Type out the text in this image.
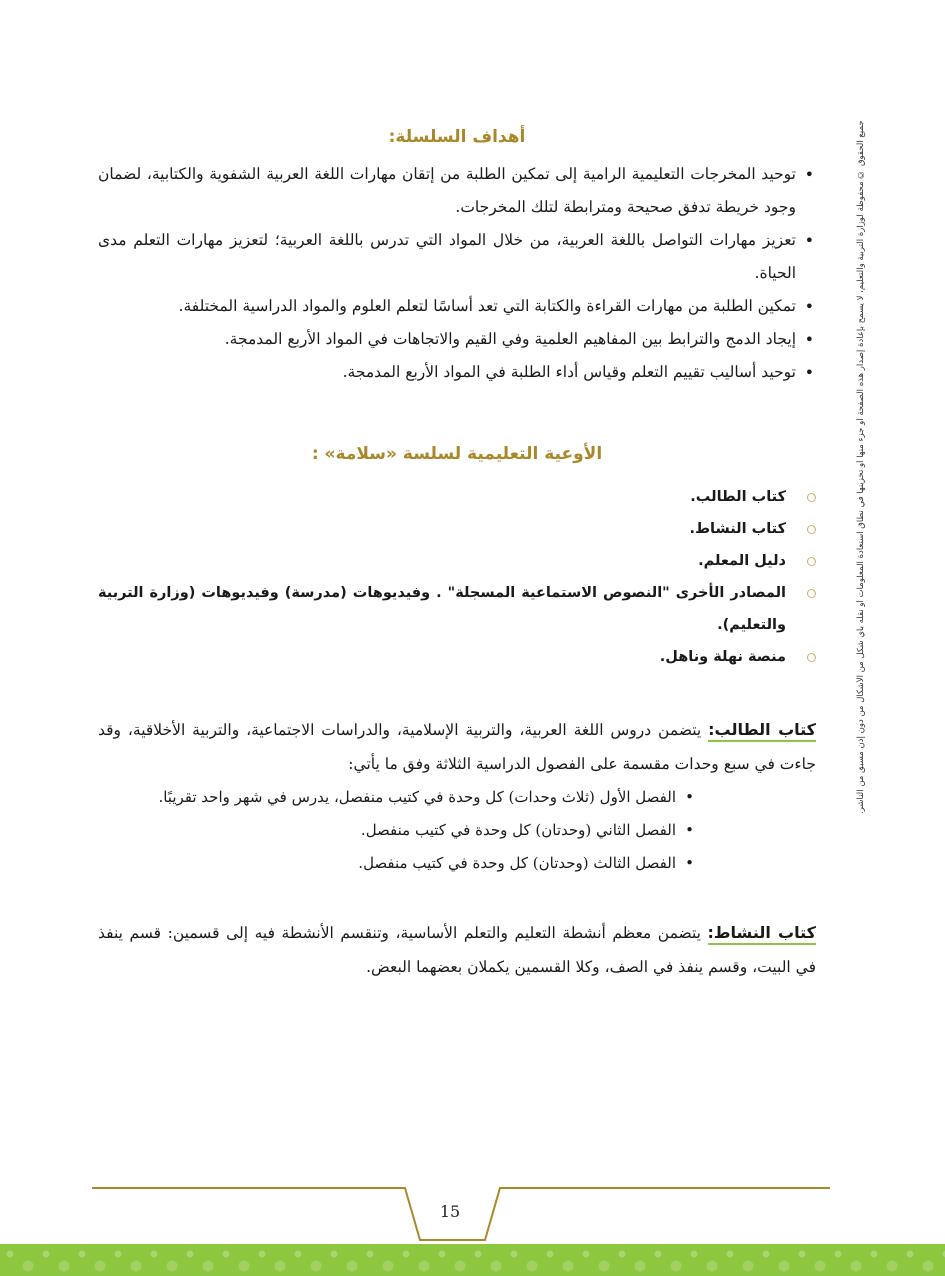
أهداف السلسلة:
• توحيد المخرجات التعليمية الرامية إلى تمكين الطلبة من إتقان مهارات اللغة العربية الشفوية والكتابية، لضمان وجود خريطة تدفق صحيحة ومترابطة لتلك المخرجات.
• تعزيز مهارات التواصل باللغة العربية، من خلال المواد التي تدرس باللغة العربية؛ لتعزيز مهارات التعلم مدى الحياة.
• تمكين الطلبة من مهارات القراءة والكتابة التي تعد أساسًا لتعلم العلوم والمواد الدراسية المختلفة.
• إيجاد الدمج والترابط بين المفاهيم العلمية وفي القيم والاتجاهات في المواد الأربع المدمجة.
• توحيد أساليب تقييم التعلم وقياس أداء الطلبة في المواد الأربع المدمجة.
الأوعية التعليمية لسلسة «سلامة» :
كتاب الطالب.
كتاب النشاط.
دليل المعلم.
المصادر الأخرى "النصوص الاستماعية المسجلة" . وفيديوهات (مدرسة) وفيديوهات (وزارة التربية والتعليم).
منصة نهلة وناهل.

كتاب الطالب: يتضمن دروس اللغة العربية، والتربية الإسلامية، والدراسات الاجتماعية، والتربية الأخلاقية، وقد جاءت في سبع وحدات مقسمة على الفصول الدراسية الثلاثة وفق ما يأتي:

• الفصل الأول (ثلاث وحدات) كل وحدة في كتيب منفصل، يدرس في شهر واحد تقريبًا.
• الفصل الثاني (وحدتان) كل وحدة في كتيب منفصل.
• الفصل الثالث (وحدتان) كل وحدة في كتيب منفصل.

كتاب النشاط: يتضمن معظم أنشطة التعليم والتعلم الأساسية، وتنقسم الأنشطة فيه إلى قسمين: قسم ينفذ في البيت، وقسم ينفذ في الصف، وكلا القسمين يكملان بعضهما البعض.

جميع الحقوق © محفوظة لوزارة التربية والتعليم، لا يسمح بإعادة إصدار هذه الصفحة أو جزء منها أو تخزينها في نطاق استعادة المعلومات أو نقله بأي شكل من الأشكال من دون إذن مسبق من الناشر.
15
